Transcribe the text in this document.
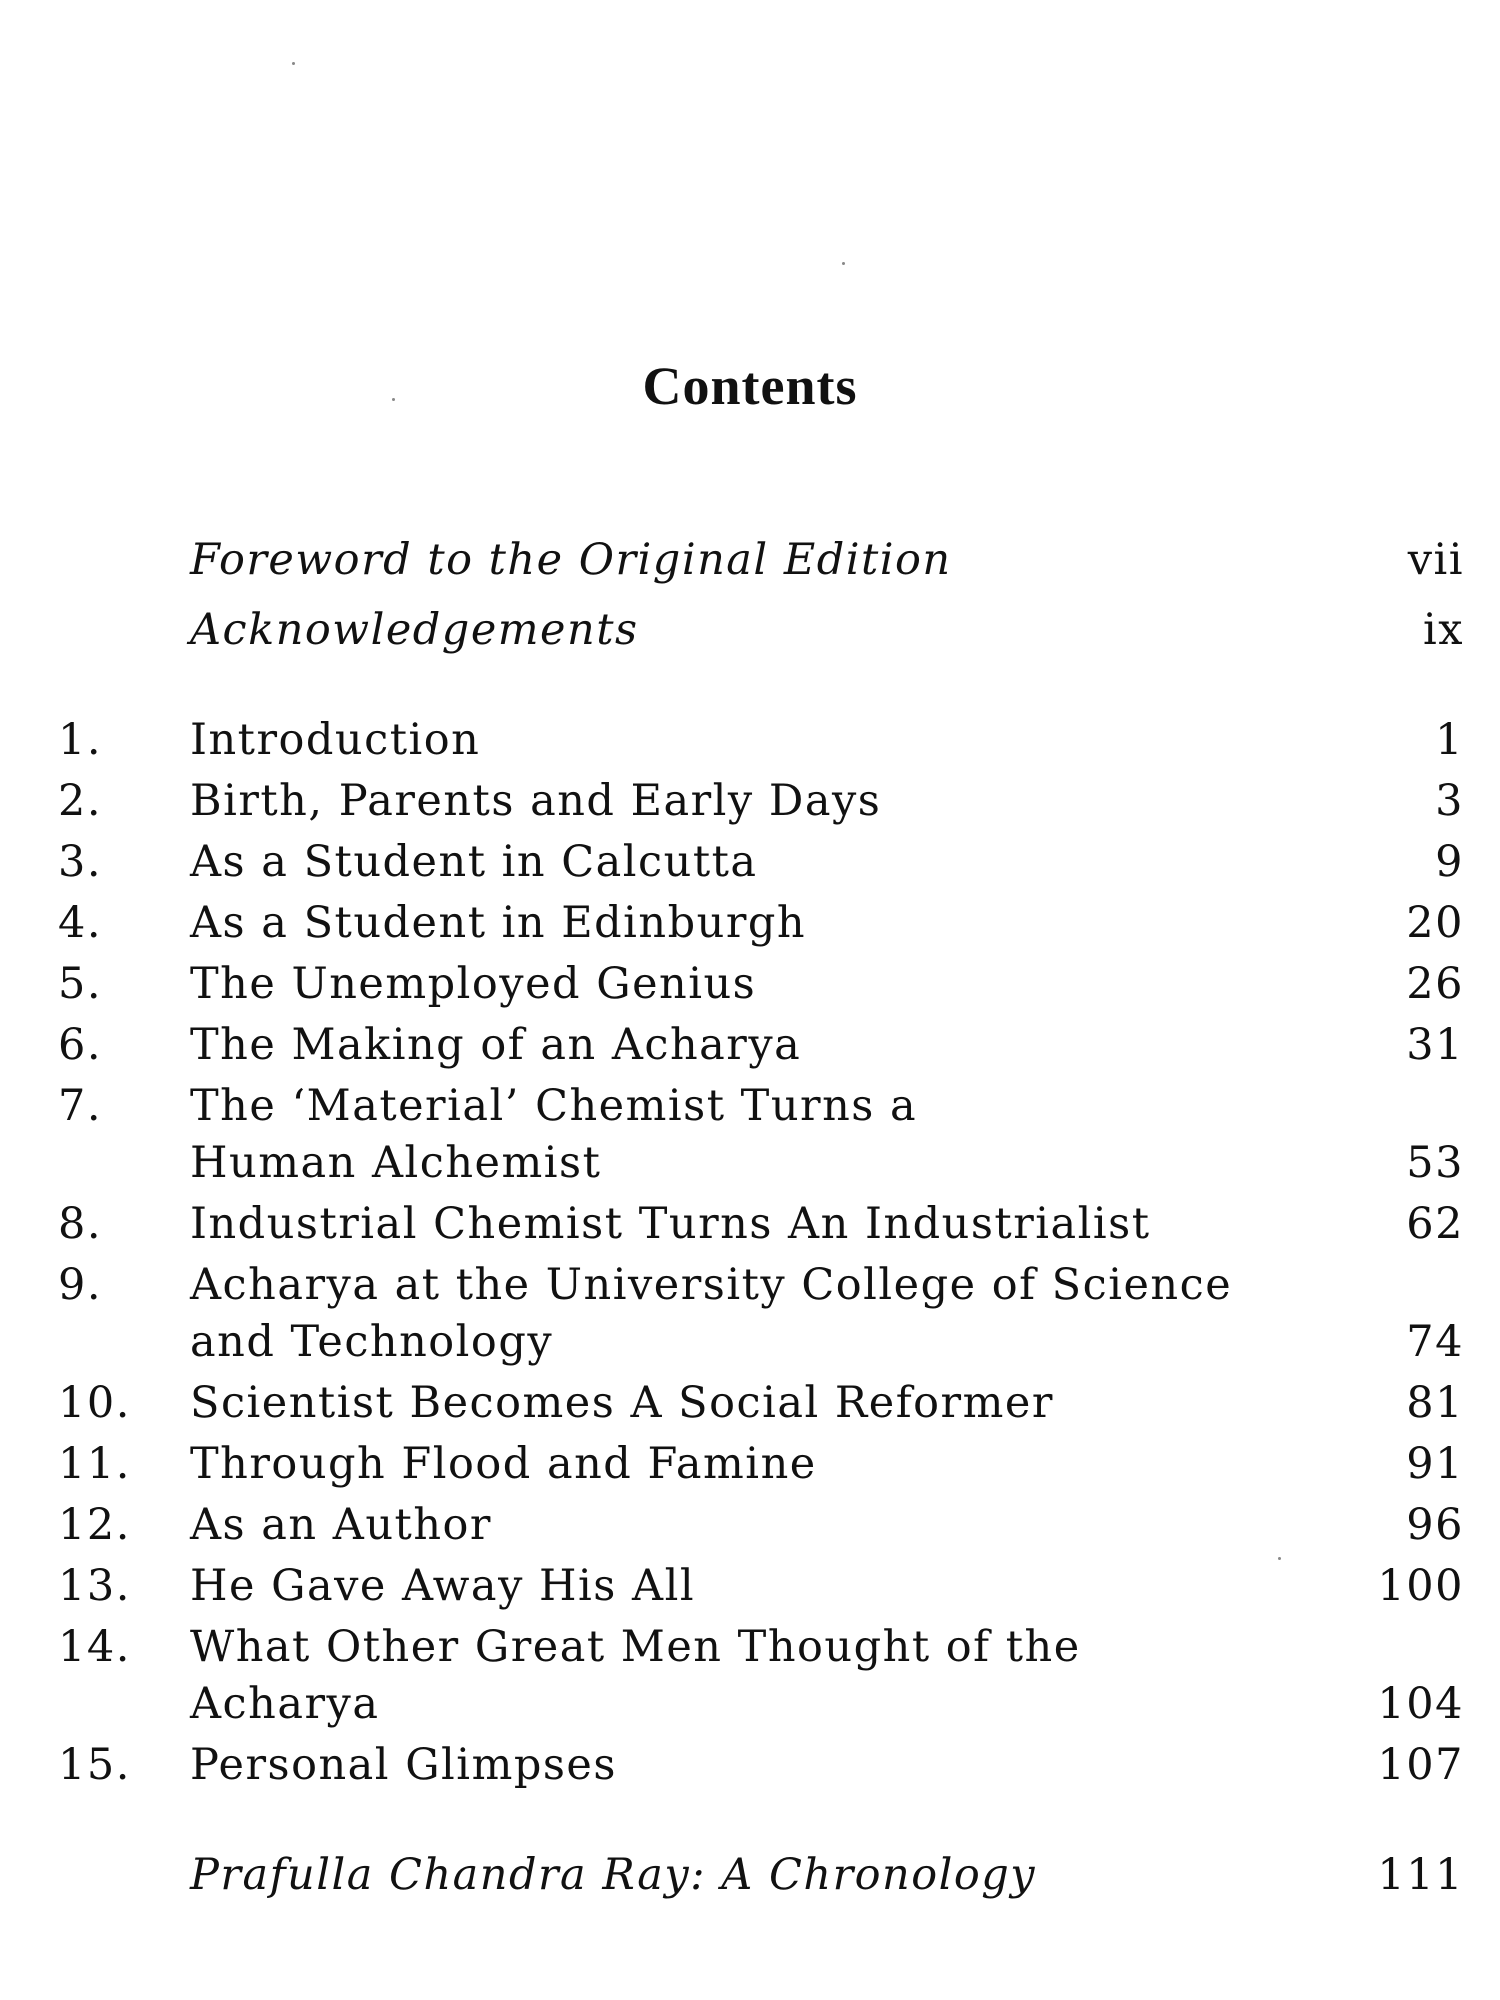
Contents
Foreword to the Original Edition	vii
Acknowledgements	ix
1. Introduction	1
2. Birth, Parents and Early Days	3
3. As a Student in Calcutta	9
4. As a Student in Edinburgh	20
5. The Unemployed Genius	26
6. The Making of an Acharya	31
7. The ‘Material’ Chemist Turns a
Human Alchemist	53
8. Industrial Chemist Turns An Industrialist	62
9. Acharya at the University College of Science
and Technology	74
10. Scientist Becomes A Social Reformer	81
11. Through Flood and Famine	91
12. As an Author	96
13. He Gave Away His All	100
14. What Other Great Men Thought of the
Acharya	104
15. Personal Glimpses	107
Prafulla Chandra Ray: A Chronology	111
